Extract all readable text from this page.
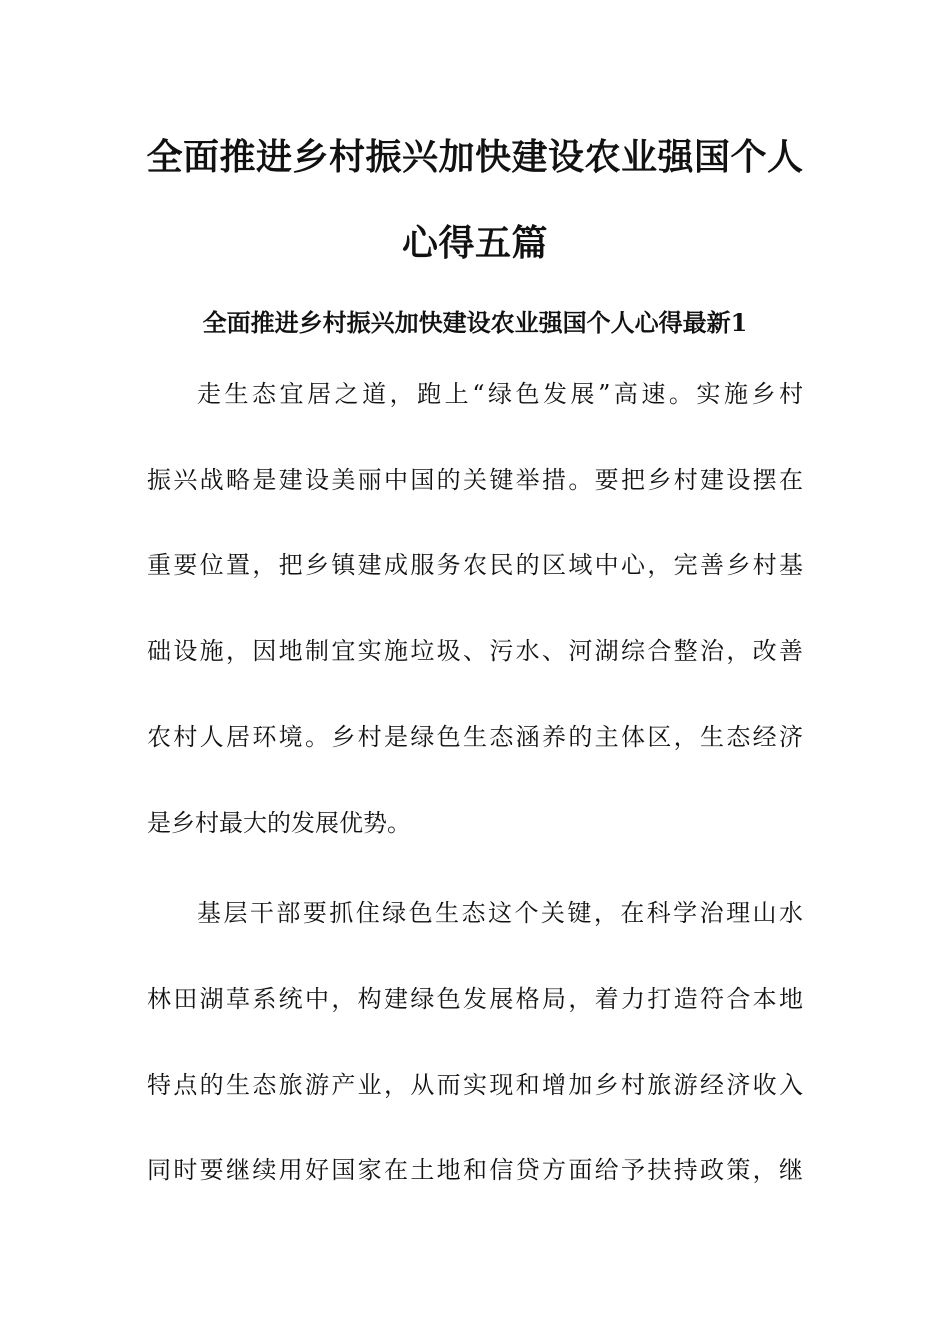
全面推进乡村振兴加快建设农业强国个人
心得五篇
全面推进乡村振兴加快建设农业强国个人心得最新1
走生态宜居之道，跑上“绿色发展”高速。实施乡村
振兴战略是建设美丽中国的关键举措。要把乡村建设摆在
重要位置，把乡镇建成服务农民的区域中心，完善乡村基
础设施，因地制宜实施垃圾、污水、河湖综合整治，改善
农村人居环境。乡村是绿色生态涵养的主体区，生态经济
是乡村最大的发展优势。
基层干部要抓住绿色生态这个关键，在科学治理山水
林田湖草系统中，构建绿色发展格局，着力打造符合本地
特点的生态旅游产业，从而实现和增加乡村旅游经济收入
同时要继续用好国家在土地和信贷方面给予扶持政策，继
